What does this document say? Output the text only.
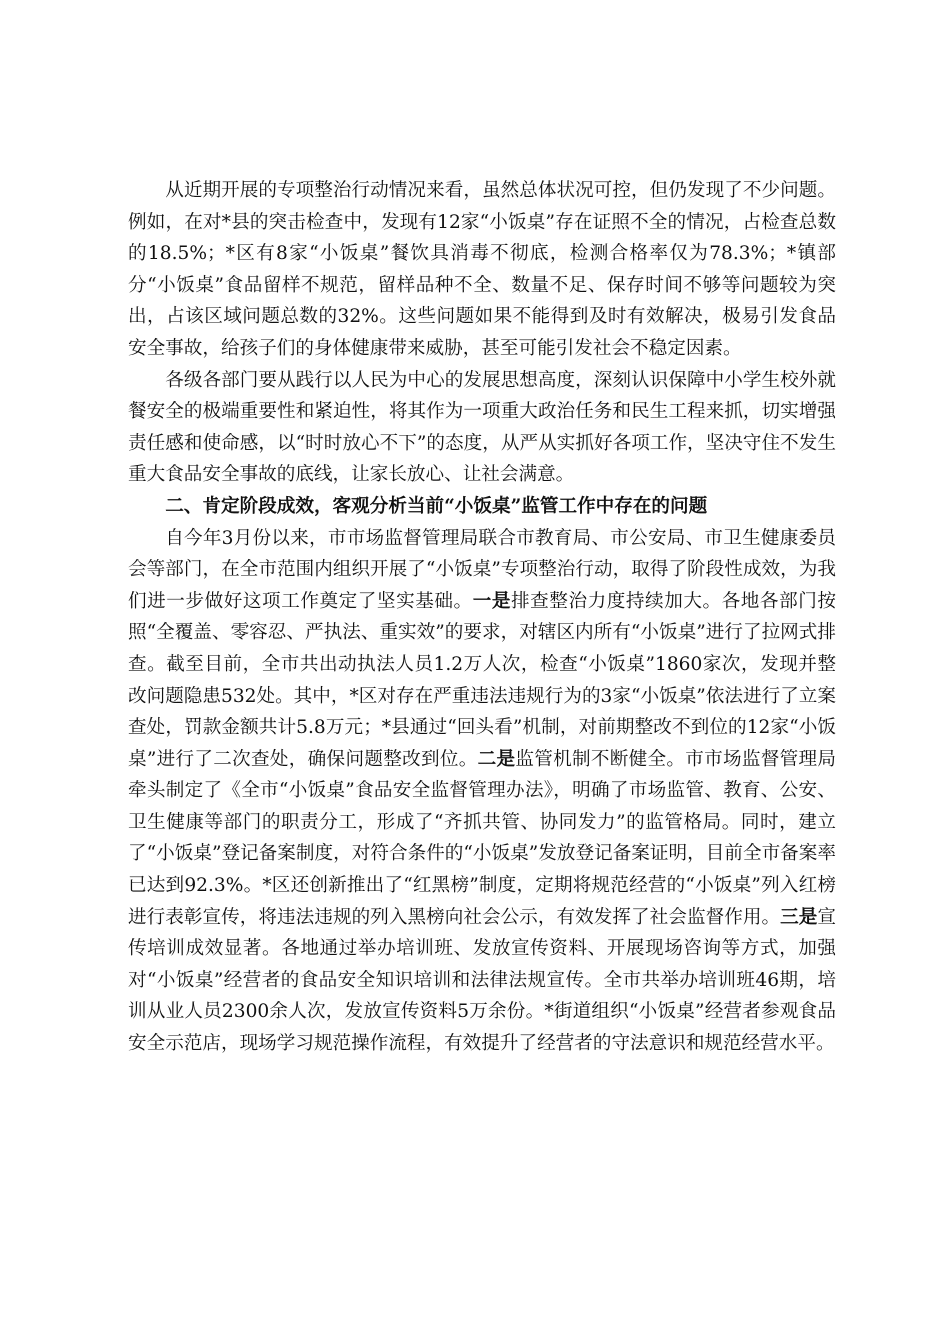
从近期开展的专项整治行动情况来看，虽然总体状况可控，但仍发现了不少问题。例如，在对*县的突击检查中，发现有12家“小饭桌”存在证照不全的情况，占检查总数的18.5%；*区有8家“小饭桌”餐饮具消毒不彻底，检测合格率仅为78.3%；*镇部分“小饭桌”食品留样不规范，留样品种不全、数量不足、保存时间不够等问题较为突出，占该区域问题总数的32%。这些问题如果不能得到及时有效解决，极易引发食品安全事故，给孩子们的身体健康带来威胁，甚至可能引发社会不稳定因素。

各级各部门要从践行以人民为中心的发展思想高度，深刻认识保障中小学生校外就餐安全的极端重要性和紧迫性，将其作为一项重大政治任务和民生工程来抓，切实增强责任感和使命感，以“时时放心不下”的态度，从严从实抓好各项工作，坚决守住不发生重大食品安全事故的底线，让家长放心、让社会满意。

二、肯定阶段成效，客观分析当前“小饭桌”监管工作中存在的问题

自今年3月份以来，市市场监督管理局联合市教育局、市公安局、市卫生健康委员会等部门，在全市范围内组织开展了“小饭桌”专项整治行动，取得了阶段性成效，为我们进一步做好这项工作奠定了坚实基础。一是排查整治力度持续加大。各地各部门按照“全覆盖、零容忍、严执法、重实效”的要求，对辖区内所有“小饭桌”进行了拉网式排查。截至目前，全市共出动执法人员1.2万人次，检查“小饭桌”1860家次，发现并整改问题隐患532处。其中，*区对存在严重违法违规行为的3家“小饭桌”依法进行了立案查处，罚款金额共计5.8万元；*县通过“回头看”机制，对前期整改不到位的12家“小饭桌”进行了二次查处，确保问题整改到位。二是监管机制不断健全。市市场监督管理局牵头制定了《全市“小饭桌”食品安全监督管理办法》，明确了市场监管、教育、公安、卫生健康等部门的职责分工，形成了“齐抓共管、协同发力”的监管格局。同时，建立了“小饭桌”登记备案制度，对符合条件的“小饭桌”发放登记备案证明，目前全市备案率已达到92.3%。*区还创新推出了“红黑榜”制度，定期将规范经营的“小饭桌”列入红榜进行表彰宣传，将违法违规的列入黑榜向社会公示，有效发挥了社会监督作用。三是宣传培训成效显著。各地通过举办培训班、发放宣传资料、开展现场咨询等方式，加强对“小饭桌”经营者的食品安全知识培训和法律法规宣传。全市共举办培训班46期，培训从业人员2300余人次，发放宣传资料5万余份。*街道组织“小饭桌”经营者参观食品安全示范店，现场学习规范操作流程，有效提升了经营者的守法意识和规范经营水平。
